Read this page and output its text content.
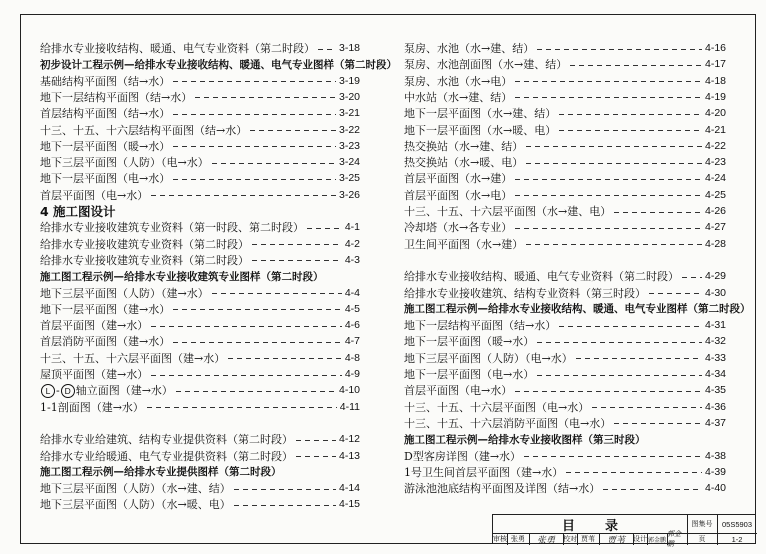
给排水专业接收结构、暖通、电气专业资料（第二时段） 3-18
初步设计工程示例—给排水专业接收结构、暖通、电气专业图样（第二时段）
基础结构平面图（结→水）	3-19
地下一层结构平面图（结→水）	3-20
首层结构平面图（结→水）	3-21
十三、十五、十六层结构平面图（结→水）	3-22
地下一层平面图（暖→水）	3-23
地下三层平面图（人防）（电→水）	3-24
地下一层平面图（电→水）	3-25
首层平面图（电→水）	3-26
4 施工图设计
给排水专业接收建筑专业资料（第一时段、第二时段）	4-1
给排水专业接收建筑专业资料（第二时段）	4-2
给排水专业接收建筑专业资料（第二时段）	4-3
施工图工程示例—给排水专业接收建筑专业图样（第二时段）
地下三层平面图（人防）（建→水）	4-4
地下一层平面图（建→水）	4-5
首层平面图（建→水）	4-6
首层消防平面图（建→水）	4-7
十三、十五、十六层平面图（建→水）	4-8
屋顶平面图（建→水）	4-9
L - D 轴立面图（建→水）	4-10
1-1剖面图（建→水）	4-11
给排水专业给建筑、结构专业提供资料（第二时段）	4-12
给排水专业给暖通、电气专业提供资料（第二时段）	4-13
施工图工程示例—给排水专业提供图样（第二时段）
地下三层平面图（人防）（水→建、结）	4-14
地下三层平面图（人防）（水→暖、电）	4-15
泵房、水池（水→建、结）	4-16
泵房、水池剖面图（水→建、结）	4-17
泵房、水池（水→电）	4-18
中水站（水→建、结）	4-19
地下一层平面图（水→建、结）	4-20
地下一层平面图（水→暖、电）	4-21
热交换站（水→建、结）	4-22
热交换站（水→暖、电）	4-23
首层平面图（水→建）	4-24
首层平面图（水→电）	4-25
十三、十五、十六层平面图（水→建、电）	4-26
冷却塔（水→各专业）	4-27
卫生间平面图（水→建）	4-28
给排水专业接收结构、暖通、电气专业资料（第二时段） 4-29
给排水专业接收建筑、结构专业资料（第三时段）	4-30
施工图工程示例—给排水专业接收结构、暖通、电气专业图样（第二时段）
地下一层结构平面图（结→水）	4-31
地下一层平面图（暖→水）	4-32
地下三层平面图（人防）（电→水）	4-33
地下一层平面图（电→水）	4-34
首层平面图（电→水）	4-35
十三、十五、十六层平面图（电→水）	4-36
十三、十五、十六层消防平面图（电→水）	4-37
施工图工程示例—给排水专业接收图样（第三时段）
D型客房详图（建→水）	4-38
1号卫生间首层平面图（建→水）	4-39
游泳池池底结构平面图及详图（结→水）	4-40
目录	图集号	05S5903
审核 张勇	张勇	校对 贾苇	贾苇	设计 郭金鹏
郭金鹏
页	1-2
